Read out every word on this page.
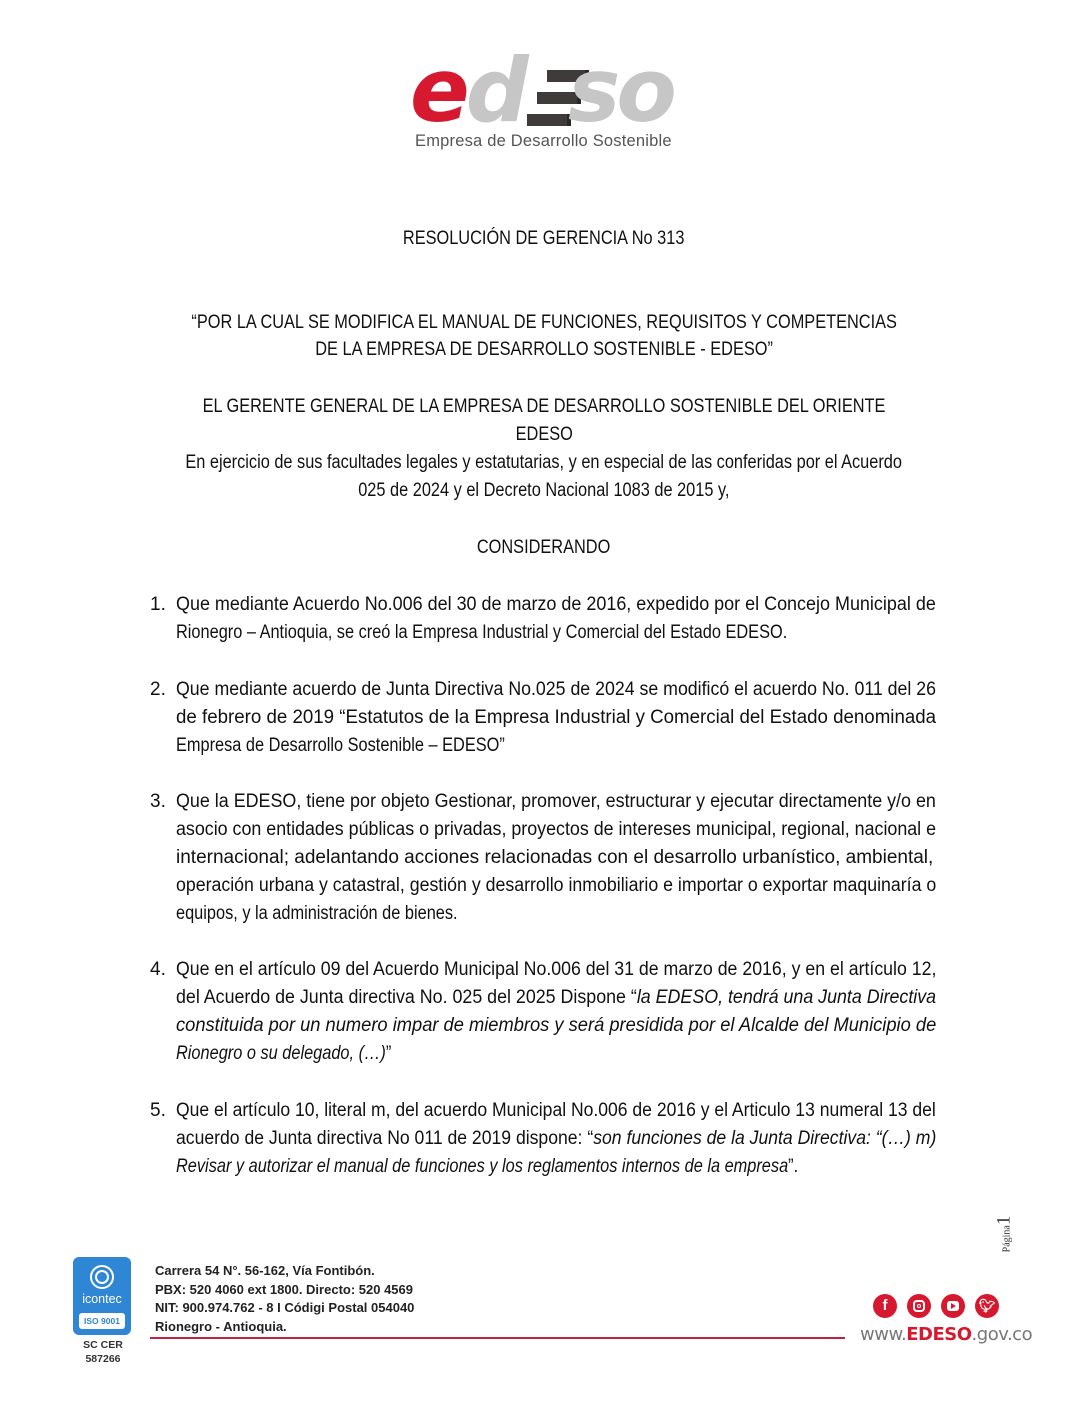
ed so
Empresa de Desarrollo Sostenible
RESOLUCIÓN DE GERENCIA No 313
“POR LA CUAL SE MODIFICA EL MANUAL DE FUNCIONES, REQUISITOS Y COMPETENCIAS
DE LA EMPRESA DE DESARROLLO SOSTENIBLE - EDESO”
EL GERENTE GENERAL DE LA EMPRESA DE DESARROLLO SOSTENIBLE DEL ORIENTE
EDESO
En ejercicio de sus facultades legales y estatutarias, y en especial de las conferidas por el Acuerdo
025 de 2024 y el Decreto Nacional 1083 de 2015 y,
CONSIDERANDO
1. Que mediante Acuerdo No.006 del 30 de marzo de 2016, expedido por el Concejo Municipal de
Rionegro – Antioquia, se creó la Empresa Industrial y Comercial del Estado EDESO.
2. Que mediante acuerdo de Junta Directiva No.025 de 2024 se modificó el acuerdo No. 011 del 26
de febrero de 2019 “Estatutos de la Empresa Industrial y Comercial del Estado denominada
Empresa de Desarrollo Sostenible – EDESO”
3. Que la EDESO, tiene por objeto Gestionar, promover, estructurar y ejecutar directamente y/o en
asocio con entidades públicas o privadas, proyectos de intereses municipal, regional, nacional e
internacional; adelantando acciones relacionadas con el desarrollo urbanístico, ambiental,
operación urbana y catastral, gestión y desarrollo inmobiliario e importar o exportar maquinaría o
equipos, y la administración de bienes.
4. Que en el artículo 09 del Acuerdo Municipal No.006 del 31 de marzo de 2016, y en el artículo 12,
del Acuerdo de Junta directiva No. 025 del 2025 Dispone “la EDESO, tendrá una Junta Directiva
constituida por un numero impar de miembros y será presidida por el Alcalde del Municipio de
Rionegro o su delegado, (…)”
5. Que el artículo 10, literal m, del acuerdo Municipal No.006 de 2016 y el Articulo 13 numeral 13 del
acuerdo de Junta directiva No 011 de 2019 dispone: “son funciones de la Junta Directiva: “(…) m)
Revisar y autorizar el manual de funciones y los reglamentos internos de la empresa”.
Página1
icontec
ISO 9001
SC CER
587266
Carrera 54 N°. 56-162, Vía Fontibón.
PBX: 520 4060 ext 1800. Directo: 520 4569
NIT: 900.974.762 - 8 I Códigi Postal 054040
Rionegro - Antioquia.
f	🐦︎
www.EDESO.gov.co
